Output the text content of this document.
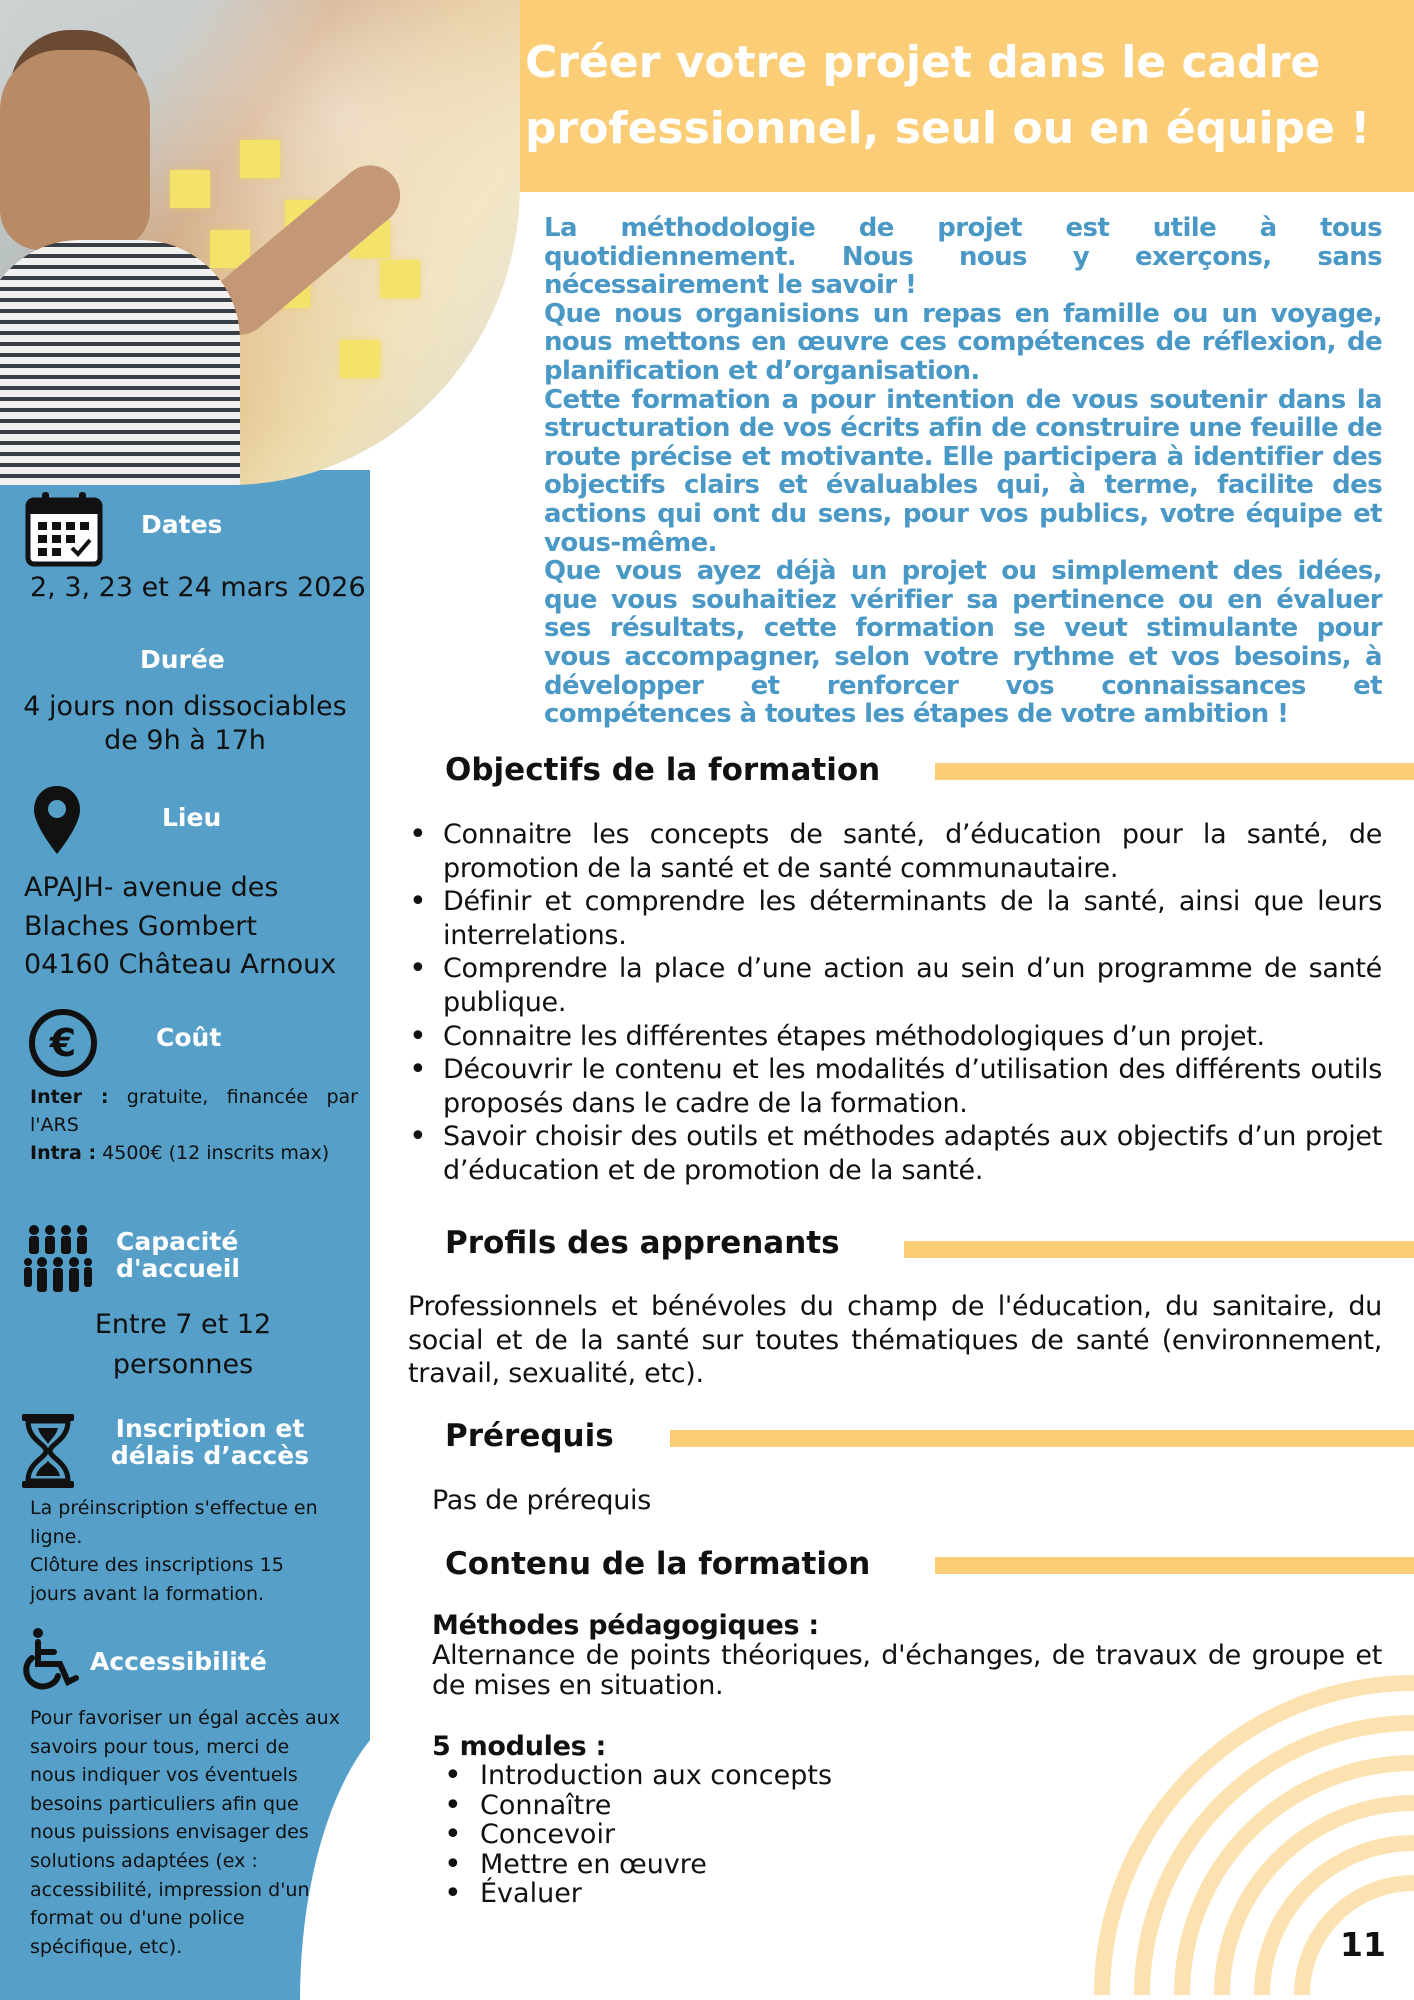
Créer votre projet dans le cadre
professionnel, seul ou en équipe !
Dates
2, 3, 23 et 24 mars 2026
Durée
4 jours non dissociables
de 9h à 17h
Lieu
APAJH- avenue des
Blaches Gombert
04160 Château Arnoux
€	Coût
Inter : gratuite, financée par l'ARS
Intra : 4500€ (12 inscrits max)
Capacité
d'accueil
Entre 7 et 12
personnes
Inscription et
délais d’accès
La préinscription s'effectue en ligne.
Clôture des inscriptions 15 jours avant la formation.
Accessibilité
Pour favoriser un égal accès aux savoirs pour tous, merci de nous indiquer vos éventuels besoins particuliers afin que nous puissions envisager des solutions adaptées (ex : accessibilité, impression d'un format ou d'une police spécifique, etc).
La méthodologie de projet est utile à tous quotidiennement. Nous nous y exerçons, sans nécessairement le savoir !
Que nous organisions un repas en famille ou un voyage, nous mettons en œuvre ces compétences de réflexion, de planification et d’organisation.
Cette formation a pour intention de vous soutenir dans la structuration de vos écrits afin de construire une feuille de route précise et motivante. Elle participera à identifier des objectifs clairs et évaluables qui, à terme, facilite des actions qui ont du sens, pour vos publics, votre équipe et vous-même.
Que vous ayez déjà un projet ou simplement des idées, que vous souhaitiez vérifier sa pertinence ou en évaluer ses résultats, cette formation se veut stimulante pour vous accompagner, selon votre rythme et vos besoins, à développer et renforcer vos connaissances et compétences à toutes les étapes de votre ambition !
Objectifs de la formation
• Connaitre les concepts de santé, d’éducation pour la santé, de promotion de la santé et de santé communautaire.
• Définir et comprendre les déterminants de la santé, ainsi que leurs interrelations.
• Comprendre la place d’une action au sein d’un programme de santé publique.
• Connaitre les différentes étapes méthodologiques d’un projet.
• Découvrir le contenu et les modalités d’utilisation des différents outils proposés dans le cadre de la formation.
• Savoir choisir des outils et méthodes adaptés aux objectifs d’un projet d’éducation et de promotion de la santé.
Profils des apprenants
Professionnels et bénévoles du champ de l'éducation, du sanitaire, du social et de la santé sur toutes thématiques de santé (environnement, travail, sexualité, etc).
Prérequis
Pas de prérequis
Contenu de la formation
Méthodes pédagogiques :
Alternance de points théoriques, d'échanges, de travaux de groupe et de mises en situation.
5 modules :
• Introduction aux concepts
• Connaître
• Concevoir
• Mettre en œuvre
• Évaluer
11
